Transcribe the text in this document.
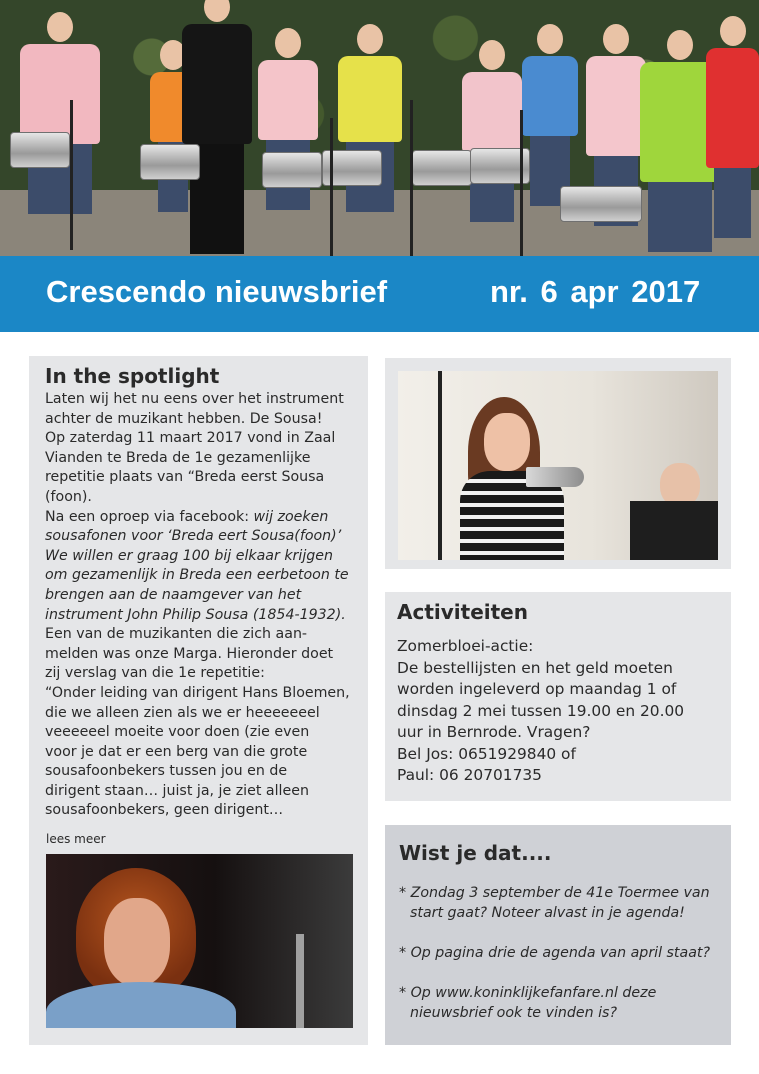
Crescendo nieuwsbrief	nr. 6 apr 2017
In the spotlight

Laten wij het nu eens over het instrument

achter de muzikant hebben. De Sousa!

Op zaterdag 11 maart 2017 vond in Zaal

Vianden te Breda de 1e gezamenlijke

repetitie plaats van “Breda eerst Sousa

(foon).

Na een oproep via facebook: wij zoeken

sousafonen voor ‘Breda eert Sousa(foon)’

We willen er graag 100 bij elkaar krijgen

om gezamenlijk in Breda een eerbetoon te

brengen aan de naamgever van het

instrument John Philip Sousa (1854-1932).

Een van de muzikanten die zich aan-

melden was onze Marga. Hieronder doet

zij verslag van die 1e repetitie:

“Onder leiding van dirigent Hans Bloemen,

die we alleen zien als we er heeeeeeel

veeeeeel moeite voor doen (zie even

voor je dat er een berg van die grote

sousafoonbekers tussen jou en de

dirigent staan… juist ja, je ziet alleen

sousafoonbekers, geen dirigent…

lees meer
Activiteiten

Zomerbloei-actie:

De bestellijsten en het geld moeten

worden ingeleverd op maandag 1 of

dinsdag 2 mei tussen 19.00 en 20.00

uur in Bernrode. Vragen?

Bel Jos: 0651929840 of

Paul: 06 20701735

Wist je dat....
* Zondag 3 september de 41e Toermee van
start gaat? Noteer alvast in je agenda!
* Op pagina drie de agenda van april staat?
* Op www.koninklijkefanfare.nl deze
nieuwsbrief ook te vinden is?
